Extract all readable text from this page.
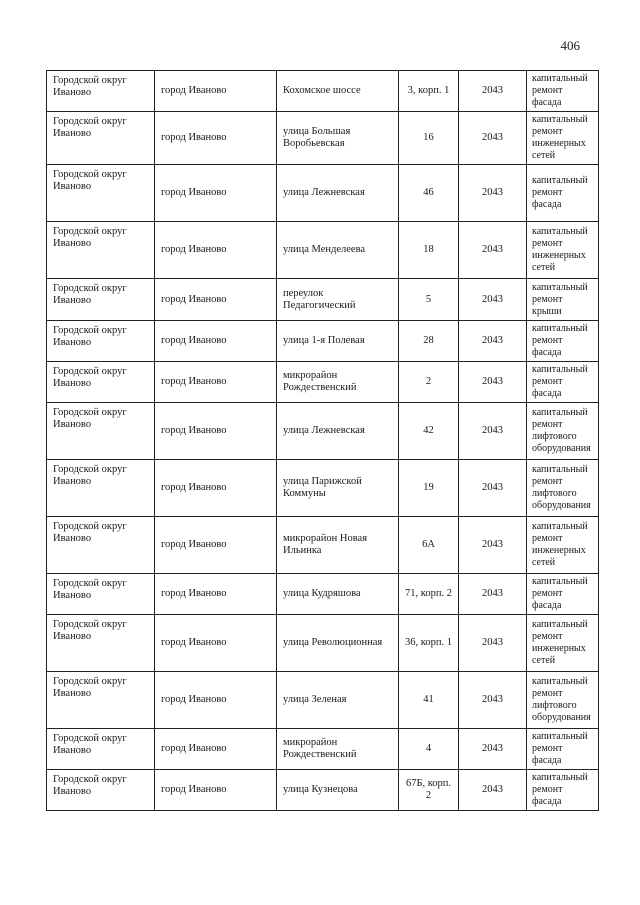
406
Городской округ Иваново	город Иваново	Кохомское шоссе	3, корп. 1	2043	капитальный ремонт фасада
Городской округ Иваново	город Иваново	улица Большая Воробьевская	16	2043	капитальный ремонт инженерных сетей
Городской округ Иваново	город Иваново	улица Лежневская	46	2043	капитальный ремонт фасада
Городской округ Иваново	город Иваново	улица Менделеева	18	2043	капитальный ремонт инженерных сетей
Городской округ Иваново	город Иваново	переулок Педагогический	5	2043	капитальный ремонт крыши
Городской округ Иваново	город Иваново	улица 1-я Полевая	28	2043	капитальный ремонт фасада
Городской округ Иваново	город Иваново	микрорайон Рождественский	2	2043	капитальный ремонт фасада
Городской округ Иваново	город Иваново	улица Лежневская	42	2043	капитальный ремонт лифтового оборудования
Городской округ Иваново	город Иваново	улица Парижской Коммуны	19	2043	капитальный ремонт лифтового оборудования
Городской округ Иваново	город Иваново	микрорайон Новая Ильинка	6А	2043	капитальный ремонт инженерных сетей
Городской округ Иваново	город Иваново	улица Кудряшова	71, корп. 2	2043	капитальный ремонт фасада
Городской округ Иваново	город Иваново	улица Революционная	36, корп. 1	2043	капитальный ремонт инженерных сетей
Городской округ Иваново	город Иваново	улица Зеленая	41	2043	капитальный ремонт лифтового оборудования
Городской округ Иваново	город Иваново	микрорайон Рождественский	4	2043	капитальный ремонт фасада
Городской округ Иваново	город Иваново	улица Кузнецова	67Б, корп. 2	2043	капитальный ремонт фасада
